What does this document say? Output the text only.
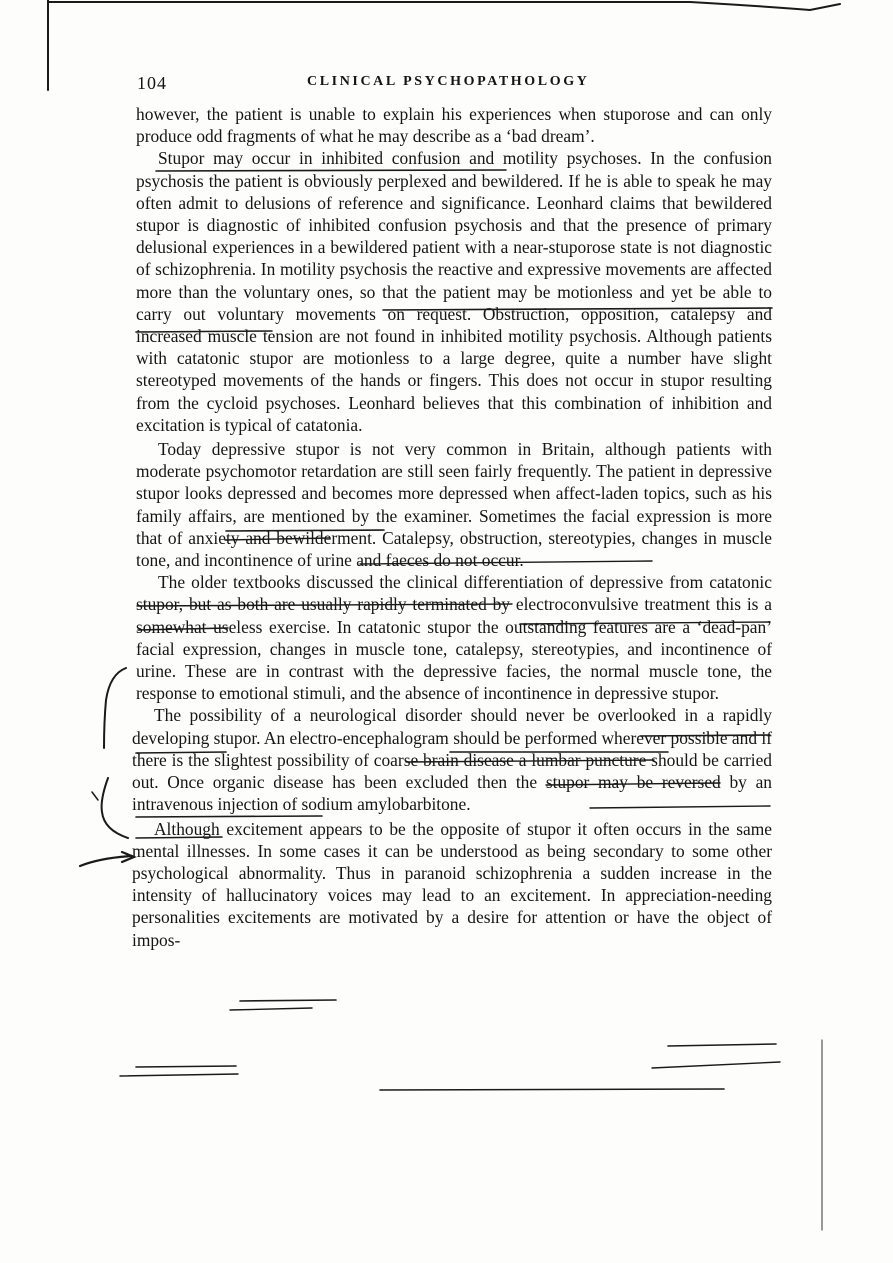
104	CLINICAL PSYCHOPATHOLOGY

however, the patient is unable to explain his experiences when stuporose and can only produce odd fragments of what he may describe as a ‘bad dream’.

Stupor may occur in inhibited confusion and motility psychoses. In the confusion psychosis the patient is obviously perplexed and bewildered. If he is able to speak he may often admit to delusions of reference and significance. Leonhard claims that bewildered stupor is diagnostic of inhibited confusion psychosis and that the presence of primary delusional experiences in a bewildered patient with a near-stuporose state is not diagnostic of schizophrenia. In motility psychosis the reactive and expressive movements are affected more than the voluntary ones, so that the patient may be motionless and yet be able to carry out voluntary movements on request. Obstruction, opposition, catalepsy and increased muscle tension are not found in inhibited motility psychosis. Although patients with catatonic stupor are motionless to a large degree, quite a number have slight stereotyped movements of the hands or fingers. This does not occur in stupor resulting from the cycloid psychoses. Leonhard believes that this combination of inhibition and excitation is typical of catatonia.

Today depressive stupor is not very common in Britain, although patients with moderate psychomotor retardation are still seen fairly frequently. The patient in depressive stupor looks depressed and becomes more depressed when affect-laden topics, such as his family affairs, are mentioned by the examiner. Sometimes the facial expression is more that of anxiety and bewilderment. Catalepsy, obstruction, stereotypies, changes in muscle tone, and incontinence of urine and faeces do not occur.

The older textbooks discussed the clinical differentiation of depressive from catatonic stupor, but as both are usually rapidly terminated by electroconvulsive treatment this is a somewhat useless exercise. In catatonic stupor the outstanding features are a ‘dead-pan’ facial expression, changes in muscle tone, catalepsy, stereotypies, and incontinence of urine. These are in contrast with the depressive facies, the normal muscle tone, the response to emotional stimuli, and the absence of incontinence in depressive stupor.

The possibility of a neurological disorder should never be overlooked in a rapidly developing stupor. An electro-encephalogram should be performed wherever possible and if there is the slightest possibility of coarse brain disease a lumbar puncture should be carried out. Once organic disease has been excluded then the stupor may be reversed by an intravenous injection of sodium amylobarbitone.

Although excitement appears to be the opposite of stupor it often occurs in the same mental illnesses. In some cases it can be understood as being secondary to some other psychological abnormality. Thus in paranoid schizophrenia a sudden increase in the intensity of hallucinatory voices may lead to an excitement. In appreciation-needing personalities excitements are motivated by a desire for attention or have the object of impos-
